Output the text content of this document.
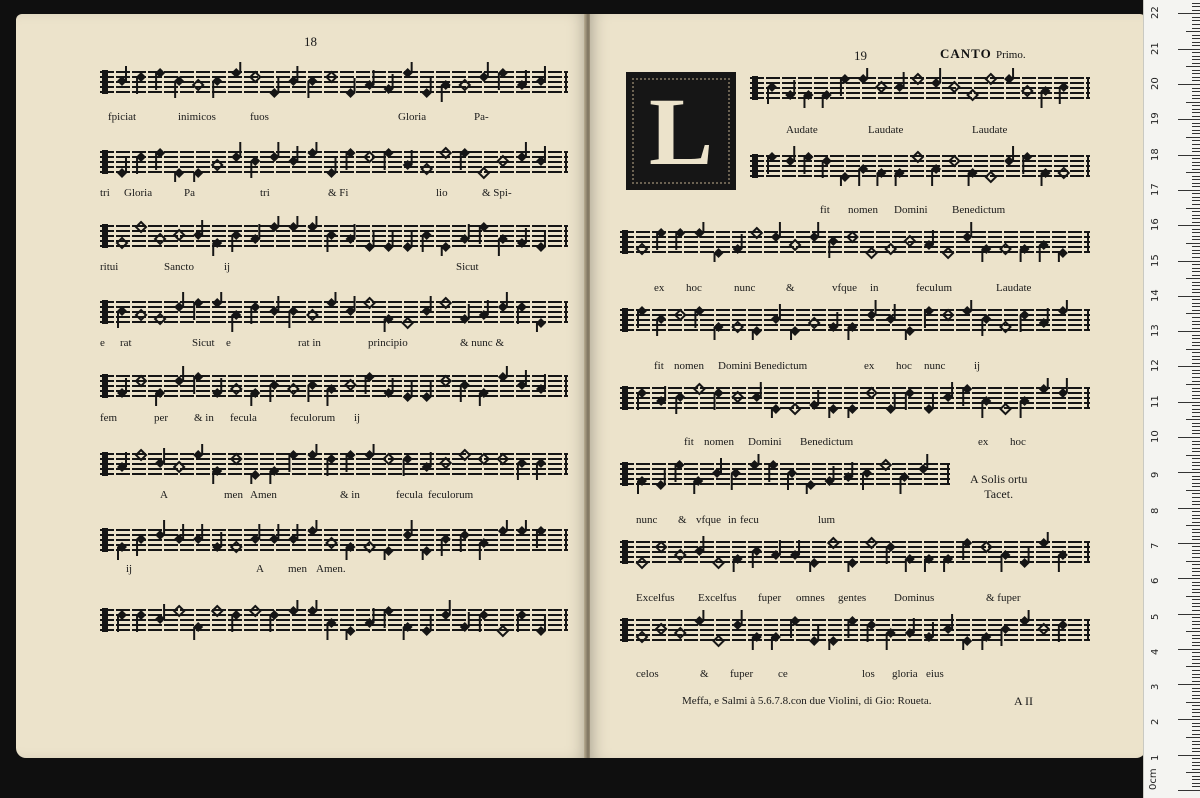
18
fpiciat	inimicos	fuos	Gloria	Pa-
tri Gloria	Pa	tri	& Fi	lio	& Spi-
ritui	Sancto	ij	Sicut
e rat	Sicut e	rat in	principio	& nunc &
fem	per & in fecula	feculorum ij
A	men Amen	& in	fecula feculorum
ij	A men Amen.
19	CANTO Primo.
L	Audate	Laudate	Laudate
fit nomen Domini Benedictum
ex hoc	nunc	&	vfque in	feculum	Laudate
fit nomen Domini Benedictum	ex hoc nunc	ij
fit nomen Domini Benedictum	ex hoc
nunc & vfque in fecu	lum
Excelfus Excelfus fuper omnes gentes	Dominus	& fuper
celos	& fuper ce	los gloria eius
A Solis ortu
Tacet.
Meffa, e Salmi à 5.6.7.8.con due Violini, di Gio: Roueta.	A II
1
2
3
4
5
6
7
8
9
10
11
12
13
14
15
16
17
18
19
20
21
22
0cm
